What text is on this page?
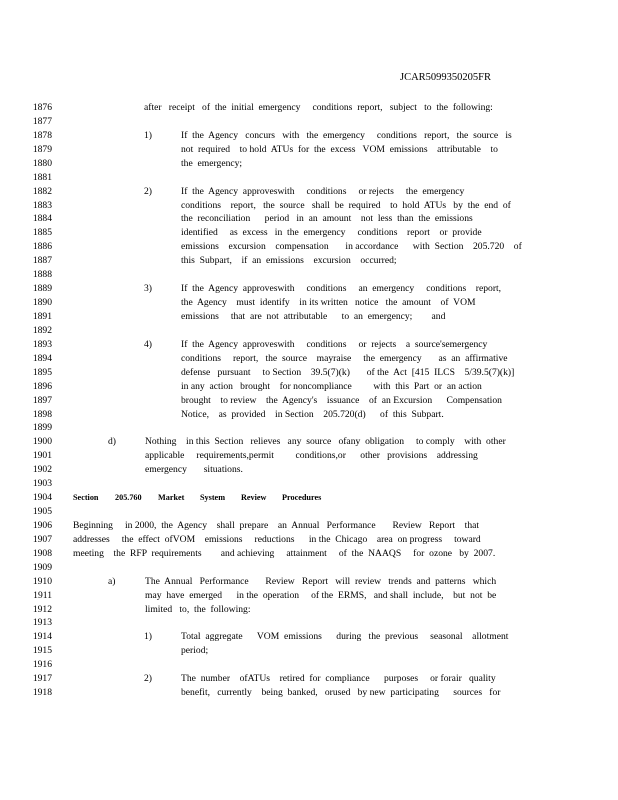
JCAR5099350205FR
1876	after   receipt   of  the  initial  emergency     conditions  report,   subject   to  the  following:
1877
1878	1)	If  the  Agency   concurs   with   the  emergency     conditions   report,   the  source   is
1879	not  required    to hold  ATUs  for  the  excess   VOM  emissions    attributable    to
1880	the  emergency;
1881
1882	2)	If  the  Agency  approveswith     conditions     or rejects     the  emergency
1883	conditions    report,   the  source   shall  be  required    to  hold  ATUs   by  the  end  of
1884	the  reconciliation      period   in  an  amount    not  less  than  the  emissions
1885	identified     as  excess   in  the  emergency     conditions    report    or  provide
1886	emissions    excursion    compensation       in accordance      with  Section    205.720    of
1887	this  Subpart,    if  an  emissions    excursion    occurred;
1888
1889	3)	If  the  Agency  approveswith     conditions     an  emergency     conditions    report,
1890	the  Agency    must  identify    in its written   notice   the  amount    of  VOM
1891	emissions     that  are  not  attributable      to  an  emergency;        and
1892
1893	4)	If  the  Agency  approveswith     conditions     or  rejects    a  source'semergency
1894	conditions     report,   the  source    mayraise     the  emergency       as  an  affirmative
1895	defense   pursuant     to Section    39.5(7)(k)       of the  Act  [415  ILCS    5/39.5(7)(k)]
1896	in any  action   brought    for noncompliance         with  this  Part  or  an action
1897	brought    to review    the  Agency's    issuance    of  an Excursion      Compensation
1898	Notice,    as  provided    in Section    205.720(d)      of  this  Subpart.
1899
1900	d)	Nothing    in this  Section   relieves   any  source   ofany  obligation     to comply    with  other
1901	applicable     requirements,permit         conditions,or      other   provisions    addressing
1902	emergency       situations.
1903
1904	Section 205.760 Market System Review Procedures
1905
1906 Beginning     in 2000,  the  Agency    shall  prepare    an  Annual   Performance       Review   Report    that
1907 addresses     the  effect  ofVOM    emissions     reductions      in the  Chicago    area  on progress     toward
1908 meeting    the  RFP  requirements        and achieving     attainment     of  the  NAAQS     for  ozone   by  2007.
1909
1910	a)	The  Annual   Performance       Review   Report   will  review   trends  and  patterns   which
1911	may  have  emerged      in the  operation     of the  ERMS,   and shall  include,    but  not  be
1912	limited   to,  the  following:
1913
1914	1)	Total  aggregate      VOM  emissions      during   the  previous     seasonal    allotment
1915	period;
1916
1917	2)	The  number    ofATUs    retired  for  compliance      purposes     or forair   quality
1918	benefit,   currently    being  banked,   orused   by new  participating      sources   for
